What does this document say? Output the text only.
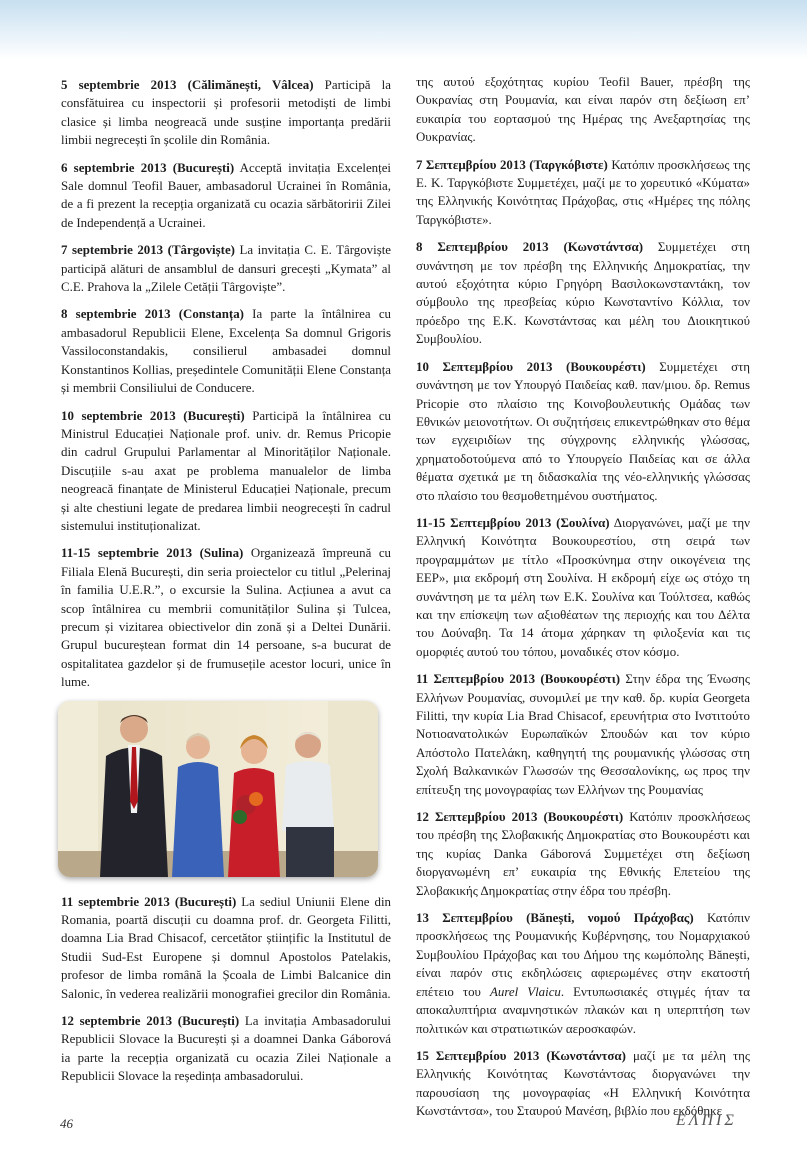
5 septembrie 2013 (Călimănești, Vâlcea) Participă la consfătuirea cu inspectorii și profesorii metodiști de limbi clasice și limba neogreacă unde susține importanța predării limbii negrecești în școlile din România.

6 septembrie 2013 (București) Acceptă invitația Excelenței Sale domnul Teofil Bauer, ambasadorul Ucrainei în România, de a fi prezent la recepția organizată cu ocazia sărbătoririi Zilei de Independență a Ucrainei.

7 septembrie 2013 (Târgoviște) La invitația C. E. Târgoviște participă alături de ansamblul de dansuri grecești „Kymata” al C.E. Prahova la „Zilele Cetății Târgoviște”.

8 septembrie 2013 (Constanța) Ia parte la întâlnirea cu ambasadorul Republicii Elene, Excelența Sa domnul Grigoris Vassiloconstandakis, consilierul ambasadei domnul Konstantinos Kollias, președintele Comunității Elene Constanța și membrii Consiliului de Conducere.

10 septembrie 2013 (București) Participă la întâlnirea cu Ministrul Educației Naționale prof. univ. dr. Remus Pricopie din cadrul Grupului Parlamentar al Minorităților Naționale. Discuțiile s-au axat pe problema manualelor de limba neogreacă finanțate de Ministerul Educației Naționale, precum și alte chestiuni legate de predarea limbii neogrecești în cadrul sistemului instituționalizat.

11-15 septembrie 2013 (Sulina) Organizează împreună cu Filiala Elenă București, din seria proiectelor cu titlul „Pelerinaj în familia U.E.R.”, o excursie la Sulina. Acțiunea a avut ca scop întâlnirea cu membrii comunităților Sulina și Tulcea, precum și vizitarea obiectivelor din zonă și a Deltei Dunării. Grupul bucureștean format din 14 persoane, s-a bucurat de ospitalitatea gazdelor și de frumusețile acestor locuri, unice în lume.

11 septembrie 2013 (București) La sediul Uniunii Elene din Romania, poartă discuții cu doamna prof. dr. Georgeta Filitti, doamna Lia Brad Chisacof, cercetător științific la Institutul de Studii Sud-Est Europene și domnul Apostolos Patelakis, profesor de limba română la Școala de Limbi Balcanice din Salonic, în vederea realizării monografiei grecilor din România.

12 septembrie 2013 (București) La invitația Ambasadorului Republicii Slovace la București și a doamnei Danka Gáborová ia parte la recepția organizată cu ocazia Zilei Naționale a Republicii Slovace la reședința ambasadorului.

της αυτού εξοχότητας κυρίου Teofil Bauer, πρέσβη της Ουκρανίας στη Ρουμανία, και είναι παρόν στη δεξίωση επ’ ευκαιρία του εορτασμού της Ημέρας της Ανεξαρτησίας της Ουκρανίας.

7 Σεπτεμβρίου 2013 (Ταργκόβιστε) Κατόπιν προσκλήσεως της Ε. Κ. Ταργκόβιστε Συμμετέχει, μαζί με το χορευτικό «Κύματα» της Ελληνικής Κοινότητας Πράχοβας, στις «Ημέρες της πόλης Ταργκόβιστε».

8 Σεπτεμβρίου 2013 (Κωνστάντσα) Συμμετέχει στη συνάντηση με τον πρέσβη της Ελληνικής Δημοκρατίας, την αυτού εξοχότητα κύριο Γρηγόρη Βασιλοκωνσταντάκη, τον σύμβουλο της πρεσβείας κύριο Κωνσταντίνο Κόλλια, τον πρόεδρο της Ε.Κ. Κωνστάντσας και μέλη του Διοικητικού Συμβουλίου.

10 Σεπτεμβρίου 2013 (Βουκουρέστι) Συμμετέχει στη συνάντηση με τον Υπουργό Παιδείας καθ. παν/μιου. δρ. Remus Pricopie στο πλαίσιο της Κοινοβουλευτικής Ομάδας των Εθνικών μειονοτήτων. Οι συζητήσεις επικεντρώθηκαν στο θέμα των εγχειριδίων της σύγχρονης ελληνικής γλώσσας, χρηματοδοτούμενα από το Υπουργείο Παιδείας και σε άλλα θέματα σχετικά με τη διδασκαλία της νέο-ελληνικής γλώσσας στο πλαίσιο του θεσμοθετημένου συστήματος.

11-15 Σεπτεμβρίου 2013 (Σουλίνα) Διοργανώνει, μαζί με την Ελληνική Κοινότητα Βουκουρεστίου, στη σειρά των προγραμμάτων με τίτλο «Προσκύνημα στην οικογένεια της ΕΕΡ», μια εκδρομή στη Σουλίνα. Η εκδρομή είχε ως στόχο τη συνάντηση με τα μέλη των Ε.Κ. Σουλίνα και Τούλτσεα, καθώς και την επίσκεψη των αξιοθέατων της περιοχής και του Δέλτα του Δούναβη. Τα 14 άτομα χάρηκαν τη φιλοξενία και τις ομορφιές αυτού του τόπου, μοναδικές στον κόσμο.

11 Σεπτεμβρίου 2013 (Βουκουρέστι) Στην έδρα της Ένωσης Ελλήνων Ρουμανίας, συνομιλεί με την καθ. δρ. κυρία Georgeta Filitti, την κυρία Lia Brad Chisacof, ερευνήτρια στο Ινστιτούτο Νοτιοανατολικών Ευρωπαϊκών Σπουδών και τον κύριο Απόστολο Πατελάκη, καθηγητή της ρουμανικής γλώσσας στη Σχολή Βαλκανικών Γλωσσών της Θεσσαλονίκης, ως προς την επίτευξη της μονογραφίας των Ελλήνων της Ρουμανίας

12 Σεπτεμβρίου 2013 (Βουκουρέστι) Κατόπιν προσκλήσεως του πρέσβη της Σλοβακικής Δημοκρατίας στο Βουκουρέστι και της κυρίας Danka Gáborová Συμμετέχει στη δεξίωση διοργανωμένη επ’ ευκαιρία της Εθνικής Επετείου της Σλοβακικής Δημοκρατίας στην έδρα του πρέσβη.

13 Σεπτεμβρίου (Bănești, νομού Πράχοβας) Κατόπιν προσκλήσεως της Ρουμανικής Κυβέρνησης, του Νομαρχιακού Συμβουλίου Πράχοβας και του Δήμου της κωμόπολης Bănești, είναι παρόν στις εκδηλώσεις αφιερωμένες στην εκατοστή επέτειο του Aurel Vlaicu. Εντυπωσιακές στιγμές ήταν τα αποκαλυπτήρια αναμνηστικών πλακών και η υπερπτήση των πολιτικών και στρατιωτικών αεροσκαφών.

15 Σεπτεμβρίου 2013 (Κωνστάντσα) μαζί με τα μέλη της Ελληνικής Κοινότητας Κωνστάντσας διοργανώνει την παρουσίαση της μονογραφίας «Η Ελληνική Κοινότητα Κωνστάντσα», του Σταυρού Μανέση, βιβλίο που εκδόθηκε

46	ΕΛΠΙΣ
